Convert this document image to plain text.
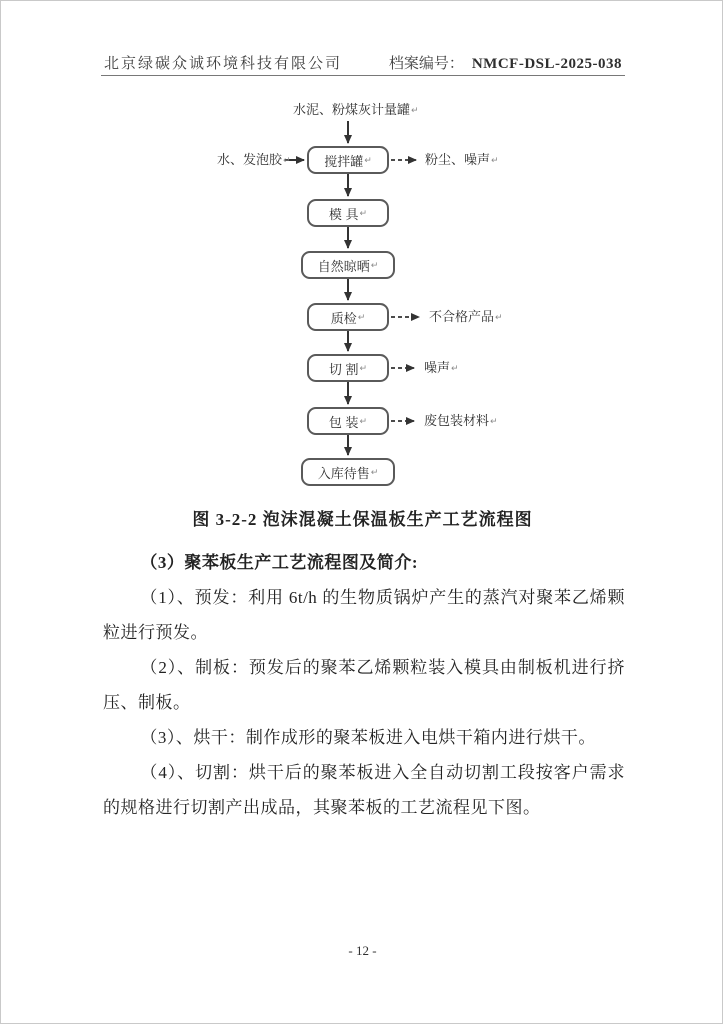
北京绿碳众诚环境科技有限公司	档案编号： NMCF-DSL-2025-038
水泥、粉煤灰计量罐↵
水、发泡胶↵	搅拌罐 ↵
模 具 ↵
自然晾晒 ↵
质检 ↵
切 割 ↵
包 装 ↵
入库待售 ↵
粉尘、噪声↵
不合格产品↵
噪声↵
废包装材料↵
图 3-2-2 泡沫混凝土保温板生产工艺流程图
（3）聚苯板生产工艺流程图及简介:

（1）、预发：利用 6t/h 的生物质锅炉产生的蒸汽对聚苯乙烯颗粒进行预发。

（2）、制板：预发后的聚苯乙烯颗粒装入模具由制板机进行挤压、制板。

（3）、烘干：制作成形的聚苯板进入电烘干箱内进行烘干。

（4）、切割：烘干后的聚苯板进入全自动切割工段按客户需求的规格进行切割产出成品，其聚苯板的工艺流程见下图。

- 12 -
